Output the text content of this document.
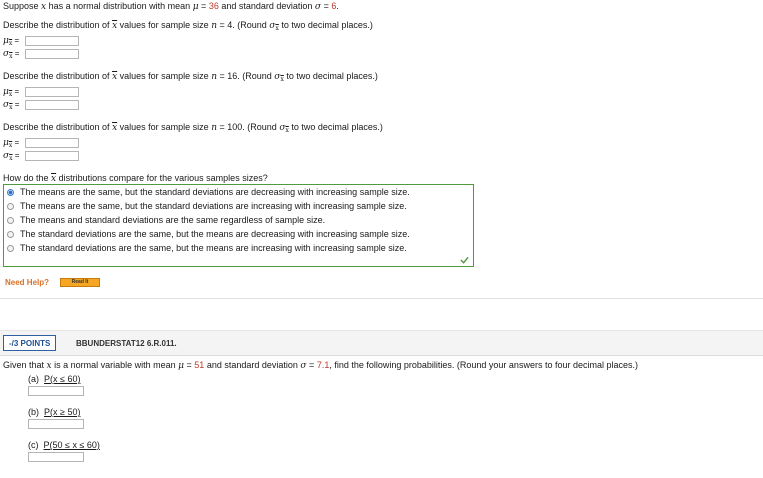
Suppose x has a normal distribution with mean μ = 36 and standard deviation σ = 6.
Describe the distribution of $\overline{x}$ values for sample size n = 4. (Round $\sigma_{\overline{x}}$ to two decimal places.)
$\mu_{\overline{x}}$ =
$\sigma_{\overline{x}}$ =
Describe the distribution of $\overline{x}$ values for sample size n = 16. (Round $\sigma_{\overline{x}}$ to two decimal places.)
$\mu_{\overline{x}}$ =
$\sigma_{\overline{x}}$ =
Describe the distribution of $\overline{x}$ values for sample size n = 100. (Round $\sigma_{\overline{x}}$ to two decimal places.)
$\mu_{\overline{x}}$ =
$\sigma_{\overline{x}}$ =
How do the $\overline{x}$ distributions compare for the various samples sizes?
The means are the same, but the standard deviations are decreasing with increasing sample size.
The means are the same, but the standard deviations are increasing with increasing sample size.
The means and standard deviations are the same regardless of sample size.
The standard deviations are the same, but the means are decreasing with increasing sample size.
The standard deviations are the same, but the means are increasing with increasing sample size.
Need Help?	Read It
-/3 POINTS	BBUNDERSTAT12 6.R.011.
Given that x is a normal variable with mean μ = 51 and standard deviation σ = 7.1, find the following probabilities. (Round your answers to four decimal places.)
(a) P(x ≤ 60)
(b) P(x ≥ 50)
(c) P(50 ≤ x ≤ 60)
